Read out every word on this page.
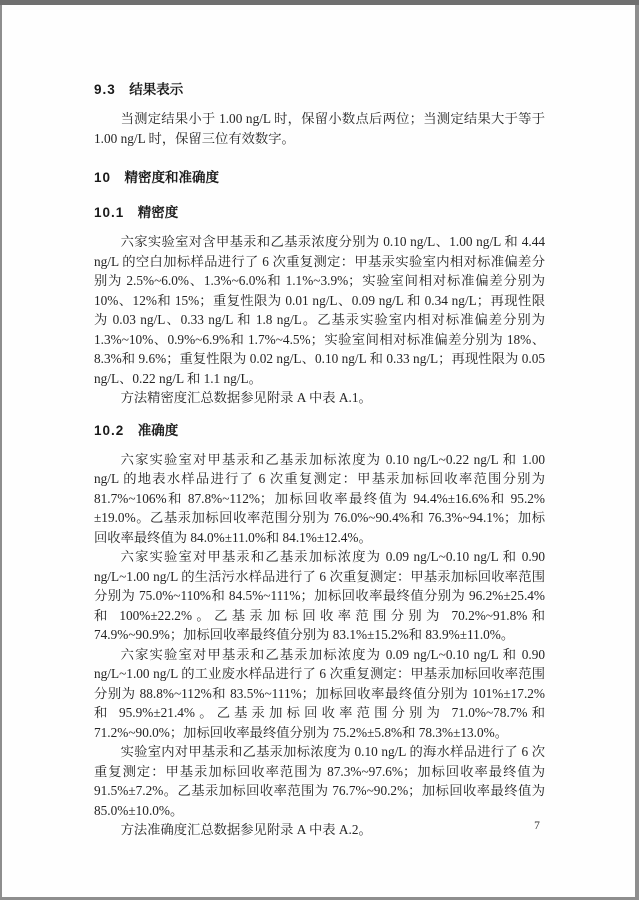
9.3 结果表示

当测定结果小于 1.00 ng/L 时，保留小数点后两位；当测定结果大于等于 1.00 ng/L 时，保留三位有效数字。

10 精密度和准确度
10.1 精密度

六家实验室对含甲基汞和乙基汞浓度分别为 0.10 ng/L、1.00 ng/L 和 4.44 ng/L 的空白加标样品进行了 6 次重复测定：甲基汞实验室内相对标准偏差分别为 2.5%~6.0%、1.3%~6.0%和 1.1%~3.9%；实验室间相对标准偏差分别为 10%、12%和 15%；重复性限为 0.01 ng/L、0.09 ng/L 和 0.34 ng/L；再现性限为 0.03 ng/L、0.33 ng/L 和 1.8 ng/L。乙基汞实验室内相对标准偏差分别为 1.3%~10%、0.9%~6.9%和 1.7%~4.5%；实验室间相对标准偏差分别为 18%、8.3%和 9.6%；重复性限为 0.02 ng/L、0.10 ng/L 和 0.33 ng/L；再现性限为 0.05 ng/L、0.22 ng/L 和 1.1 ng/L。

方法精密度汇总数据参见附录 A 中表 A.1。

10.2 准确度

六家实验室对甲基汞和乙基汞加标浓度为 0.10 ng/L~0.22 ng/L 和 1.00 ng/L 的地表水样品进行了 6 次重复测定：甲基汞加标回收率范围分别为 81.7%~106%和 87.8%~112%；加标回收率最终值为 94.4%±16.6%和 95.2%±19.0%。乙基汞加标回收率范围分别为 76.0%~90.4%和 76.3%~94.1%；加标回收率最终值为 84.0%±11.0%和 84.1%±12.4%。

六家实验室对甲基汞和乙基汞加标浓度为 0.09 ng/L~0.10 ng/L 和 0.90 ng/L~1.00 ng/L 的生活污水样品进行了 6 次重复测定：甲基汞加标回收率范围分别为 75.0%~110%和 84.5%~111%；加标回收率最终值分别为 96.2%±25.4%和 100%±22.2%。乙基汞加标回收率范围分别为 70.2%~91.8%和 74.9%~90.9%；加标回收率最终值分别为 83.1%±15.2%和 83.9%±11.0%。

六家实验室对甲基汞和乙基汞加标浓度为 0.09 ng/L~0.10 ng/L 和 0.90 ng/L~1.00 ng/L 的工业废水样品进行了 6 次重复测定：甲基汞加标回收率范围分别为 88.8%~112%和 83.5%~111%；加标回收率最终值分别为 101%±17.2%和 95.9%±21.4%。乙基汞加标回收率范围分别为 71.0%~78.7%和 71.2%~90.0%；加标回收率最终值分别为 75.2%±5.8%和 78.3%±13.0%。

实验室内对甲基汞和乙基汞加标浓度为 0.10 ng/L 的海水样品进行了 6 次重复测定：甲基汞加标回收率范围为 87.3%~97.6%；加标回收率最终值为 91.5%±7.2%。乙基汞加标回收率范围为 76.7%~90.2%；加标回收率最终值为 85.0%±10.0%。

方法准确度汇总数据参见附录 A 中表 A.2。	7
